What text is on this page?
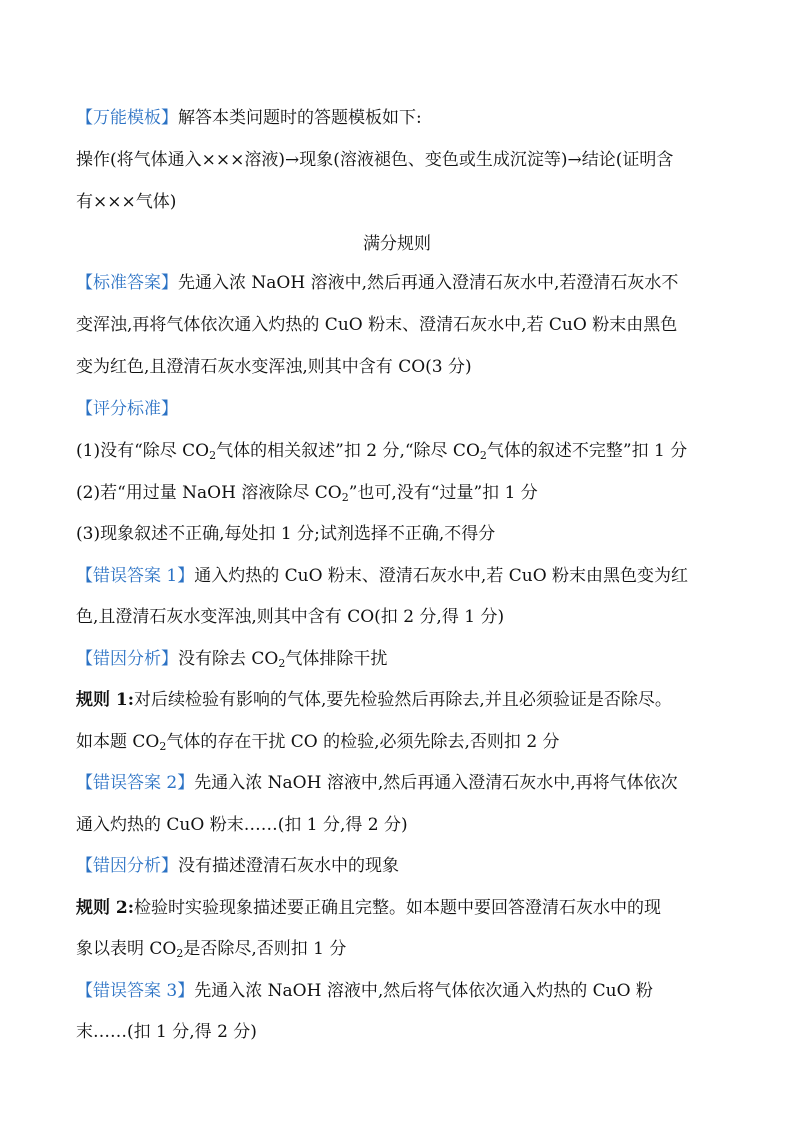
【万能模板】解答本类问题时的答题模板如下:
操作(将气体通入×××溶液)→现象(溶液褪色、变色或生成沉淀等)→结论(证明含
有×××气体)
满分规则
【标准答案】先通入浓 NaOH 溶液中,然后再通入澄清石灰水中,若澄清石灰水不
变浑浊,再将气体依次通入灼热的 CuO 粉末、澄清石灰水中,若 CuO 粉末由黑色
变为红色,且澄清石灰水变浑浊,则其中含有 CO(3 分)
【评分标准】
(1)没有“除尽 $CO_2$气体的相关叙述”扣 2 分,“除尽 $CO_2$气体的叙述不完整”扣 1 分
(2)若“用过量 NaOH 溶液除尽 $CO_2$”也可,没有“过量”扣 1 分
(3)现象叙述不正确,每处扣 1 分;试剂选择不正确,不得分
【错误答案 1】通入灼热的 CuO 粉末、澄清石灰水中,若 CuO 粉末由黑色变为红
色,且澄清石灰水变浑浊,则其中含有 CO(扣 2 分,得 1 分)
【错因分析】没有除去 $CO_2$气体排除干扰
规则 1:对后续检验有影响的气体,要先检验然后再除去,并且必须验证是否除尽。
如本题 $CO_2$气体的存在干扰 CO 的检验,必须先除去,否则扣 2 分
【错误答案 2】先通入浓 NaOH 溶液中,然后再通入澄清石灰水中,再将气体依次
通入灼热的 CuO 粉末……(扣 1 分,得 2 分)
【错因分析】没有描述澄清石灰水中的现象
规则 2:检验时实验现象描述要正确且完整。如本题中要回答澄清石灰水中的现
象以表明 $CO_2$是否除尽,否则扣 1 分
【错误答案 3】先通入浓 NaOH 溶液中,然后将气体依次通入灼热的 CuO 粉
末……(扣 1 分,得 2 分)
